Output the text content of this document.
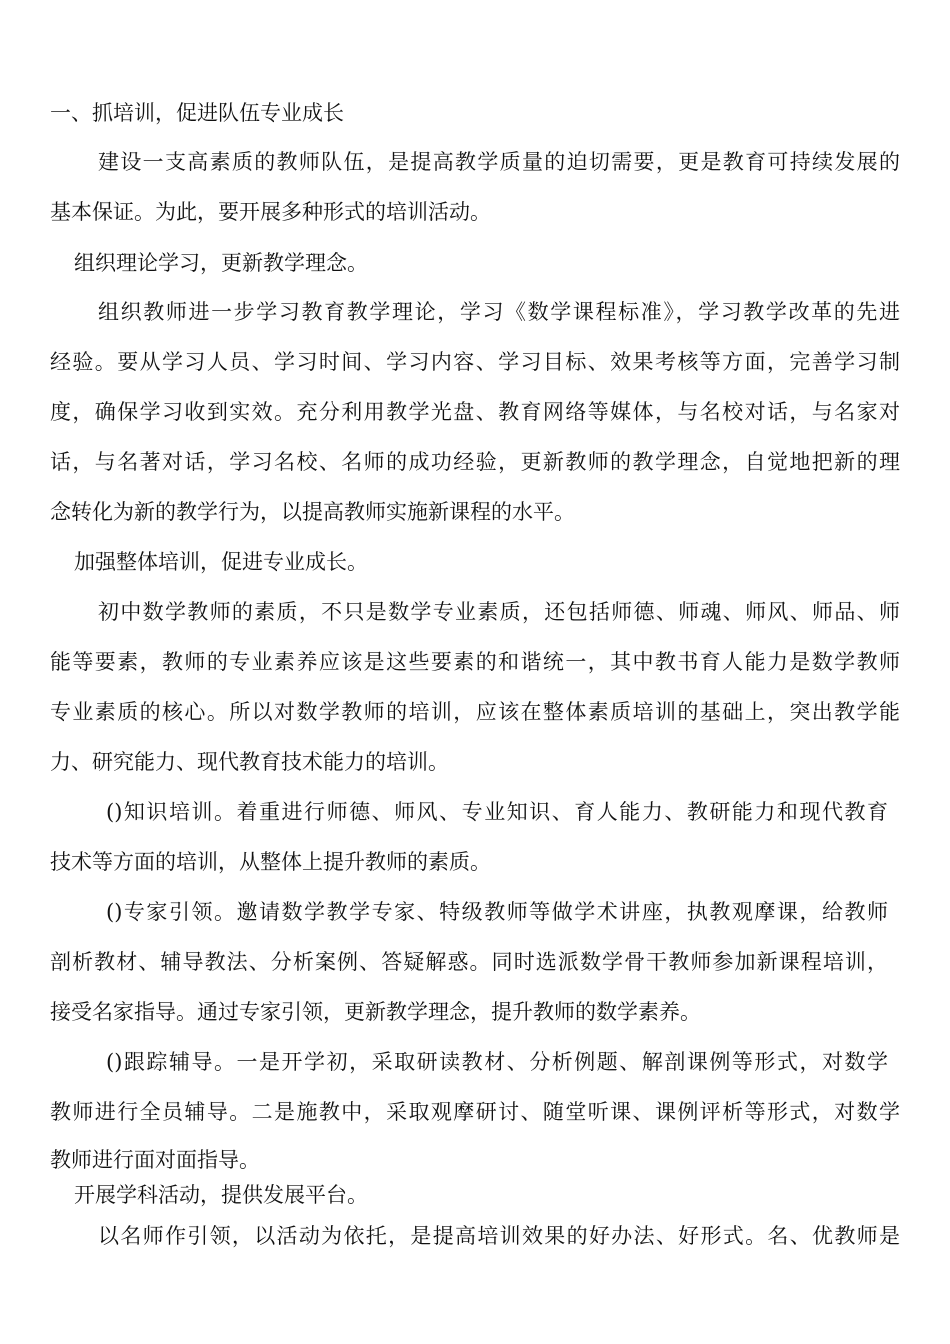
一、抓培训，促进队伍专业成长
建设一支高素质的教师队伍，是提高教学质量的迫切需要，更是教育可持续发展的
基本保证。为此，要开展多种形式的培训活动。
组织理论学习，更新教学理念。
组织教师进一步学习教育教学理论，学习《数学课程标准》，学习教学改革的先进
经验。要从学习人员、学习时间、学习内容、学习目标、效果考核等方面，完善学习制
度，确保学习收到实效。充分利用教学光盘、教育网络等媒体，与名校对话，与名家对
话，与名著对话，学习名校、名师的成功经验，更新教师的教学理念，自觉地把新的理
念转化为新的教学行为，以提高教师实施新课程的水平。
加强整体培训，促进专业成长。
初中数学教师的素质，不只是数学专业素质，还包括师德、师魂、师风、师品、师
能等要素，教师的专业素养应该是这些要素的和谐统一，其中教书育人能力是数学教师
专业素质的核心。所以对数学教师的培训，应该在整体素质培训的基础上，突出教学能
力、研究能力、现代教育技术能力的培训。
()知识培训。着重进行师德、师风、专业知识、育人能力、教研能力和现代教育
技术等方面的培训，从整体上提升教师的素质。
()专家引领。邀请数学教学专家、特级教师等做学术讲座，执教观摩课，给教师
剖析教材、辅导教法、分析案例、答疑解惑。同时选派数学骨干教师参加新课程培训，
接受名家指导。通过专家引领，更新教学理念，提升教师的数学素养。
()跟踪辅导。一是开学初，采取研读教材、分析例题、解剖课例等形式，对数学
教师进行全员辅导。二是施教中，采取观摩研讨、随堂听课、课例评析等形式，对数学
教师进行面对面指导。
开展学科活动，提供发展平台。
以名师作引领，以活动为依托，是提高培训效果的好办法、好形式。名、优教师是
